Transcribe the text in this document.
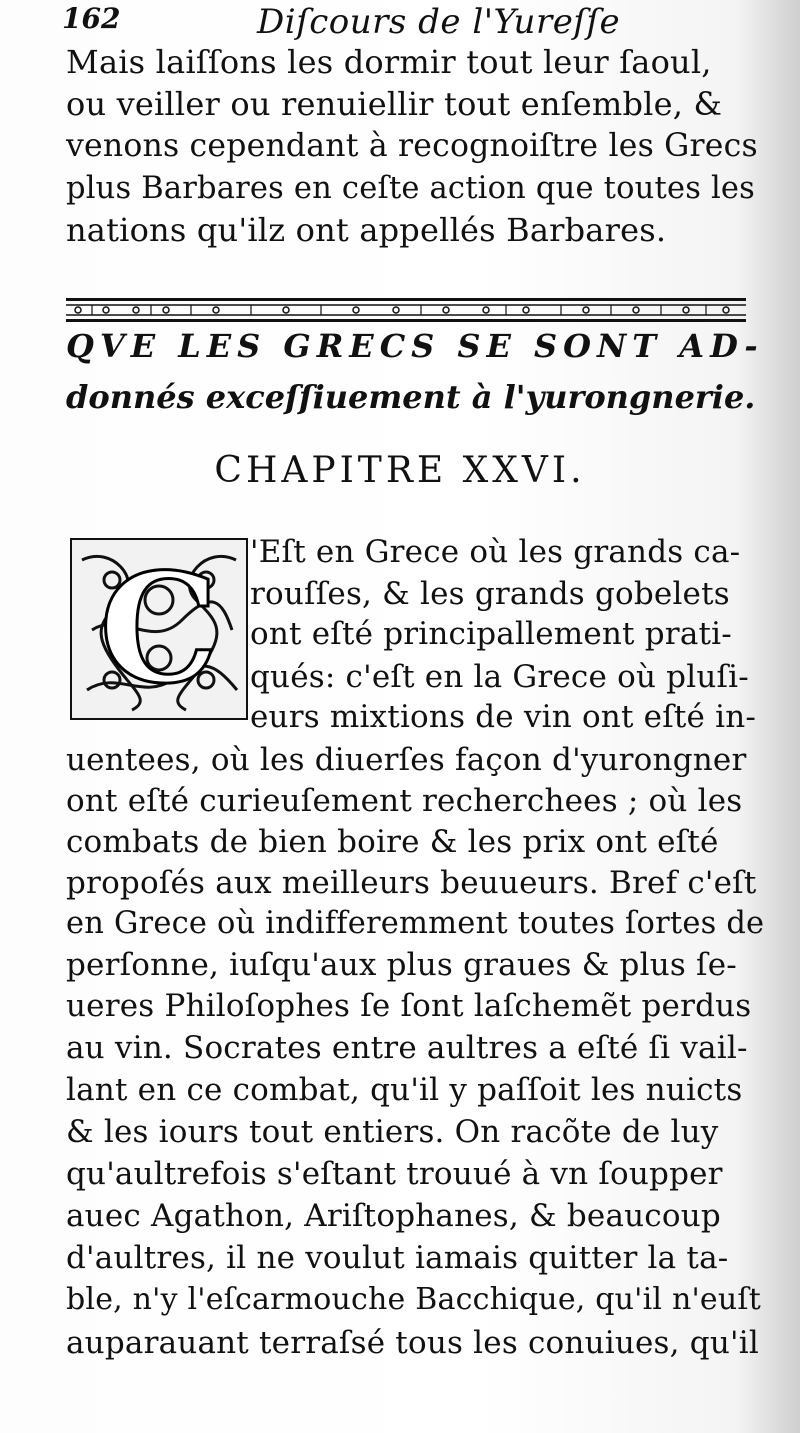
162	Diſcours de l'Yureſſe
Mais laiſſons les dormir tout leur ſaoul,
ou veiller ou renuiellir tout enſemble, &
venons cependant à recognoiſtre les Grecs
plus Barbares en ceſte action que toutes les
nations qu'ilz ont appellés Barbares.
QVE LES GRECS SE SONT AD-
donnés exceſſiuement à l'yurongnerie.
CHAPITRE XXVI.
C	'Eſt en Grece où les grands ca-
rouſſes, & les grands gobelets
ont eſté principallement prati-
qués: c'eſt en la Grece où pluſi-
eurs mixtions de vin ont eſté in-
uentees, où les diuerſes façon d'yurongner
ont eſté curieuſement recherchees ; où les
combats de bien boire & les prix ont eſté
propoſés aux meilleurs beuueurs. Bref c'eſt
en Grece où indifferemment toutes ſortes de
perſonne, iuſqu'aux plus graues & plus ſe-
ueres Philoſophes ſe ſont laſchemẽt perdus
au vin. Socrates entre aultres a eſté ſi vail-
lant en ce combat, qu'il y paſſoit les nuicts
& les iours tout entiers. On racõte de luy
qu'aultrefois s'eſtant trouué à vn ſoupper
auec Agathon, Ariſtophanes, & beaucoup
d'aultres, il ne voulut iamais quitter la ta-
ble, n'y l'eſcarmouche Bacchique, qu'il n'euſt
auparauant terraſsé tous les conuiues, qu'il
